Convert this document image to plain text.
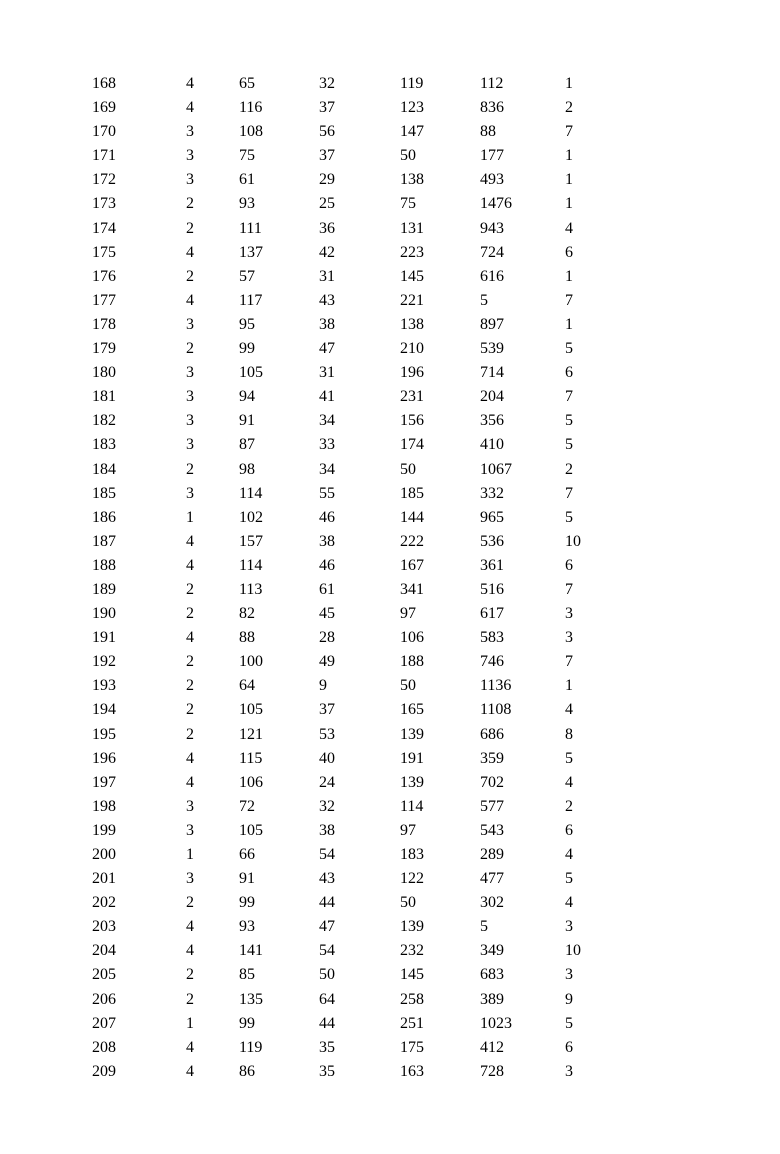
168	4	65	32	119	112	1
169	4	116	37	123	836	2
170	3	108	56	147	88	7
171	3	75	37	50	177	1
172	3	61	29	138	493	1
173	2	93	25	75	1476	1
174	2	111	36	131	943	4
175	4	137	42	223	724	6
176	2	57	31	145	616	1
177	4	117	43	221	5	7
178	3	95	38	138	897	1
179	2	99	47	210	539	5
180	3	105	31	196	714	6
181	3	94	41	231	204	7
182	3	91	34	156	356	5
183	3	87	33	174	410	5
184	2	98	34	50	1067	2
185	3	114	55	185	332	7
186	1	102	46	144	965	5
187	4	157	38	222	536	10
188	4	114	46	167	361	6
189	2	113	61	341	516	7
190	2	82	45	97	617	3
191	4	88	28	106	583	3
192	2	100	49	188	746	7
193	2	64	9	50	1136	1
194	2	105	37	165	1108	4
195	2	121	53	139	686	8
196	4	115	40	191	359	5
197	4	106	24	139	702	4
198	3	72	32	114	577	2
199	3	105	38	97	543	6
200	1	66	54	183	289	4
201	3	91	43	122	477	5
202	2	99	44	50	302	4
203	4	93	47	139	5	3
204	4	141	54	232	349	10
205	2	85	50	145	683	3
206	2	135	64	258	389	9
207	1	99	44	251	1023	5
208	4	119	35	175	412	6
209	4	86	35	163	728	3
